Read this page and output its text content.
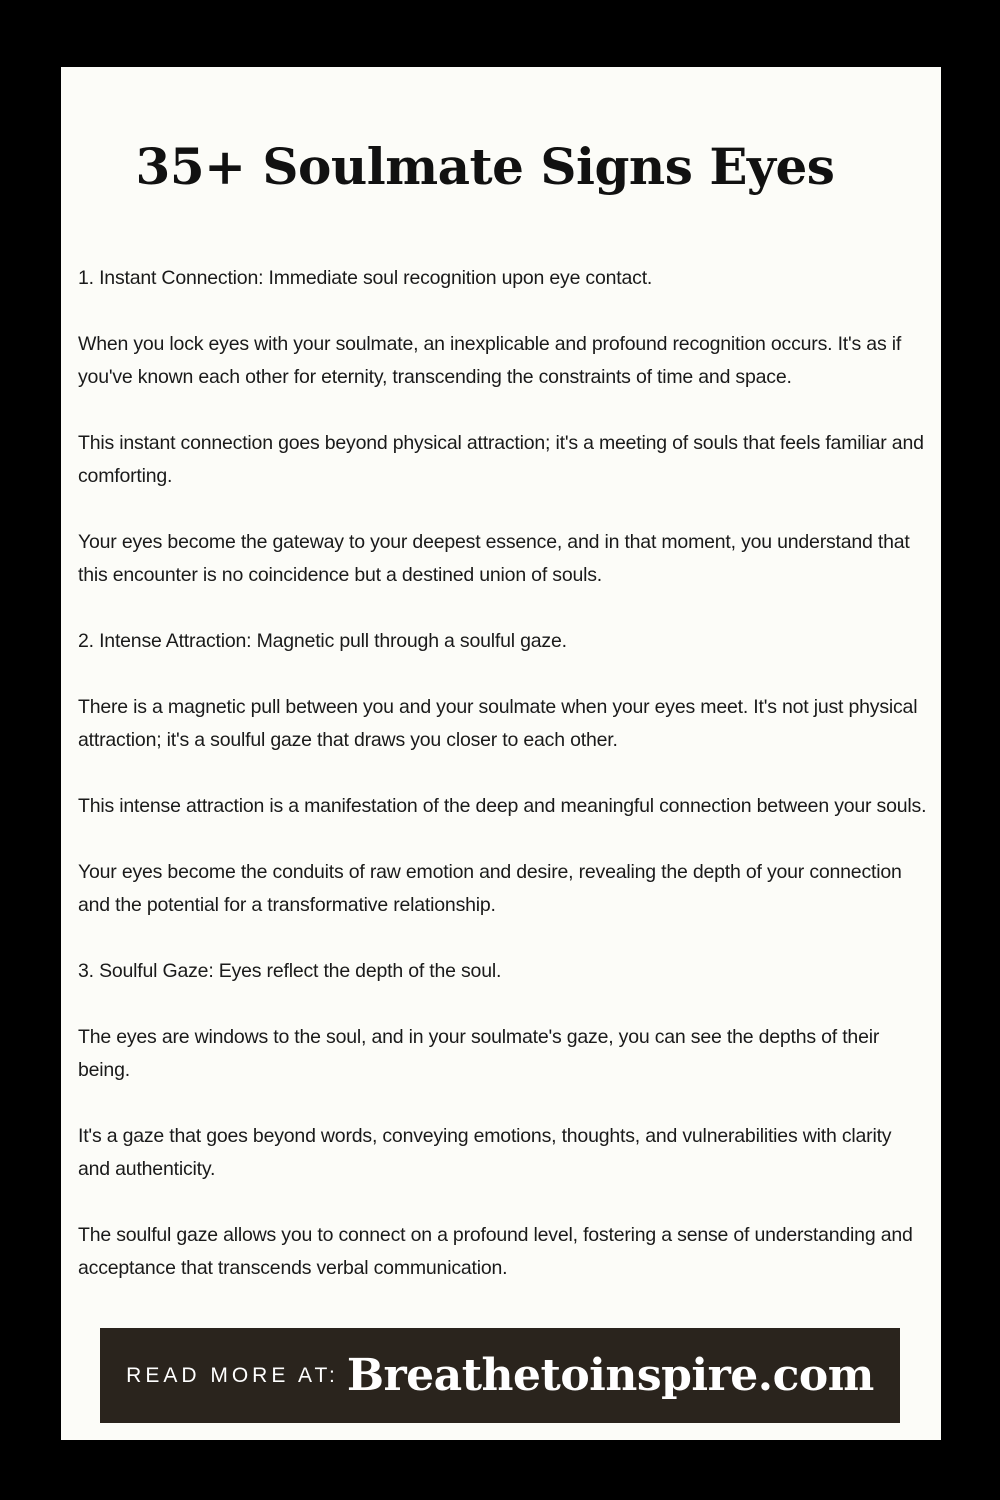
35+ Soulmate Signs Eyes

1. Instant Connection: Immediate soul recognition upon eye contact.

When you lock eyes with your soulmate, an inexplicable and profound recognition occurs. It's as if you've known each other for eternity, transcending the constraints of time and space.

This instant connection goes beyond physical attraction; it's a meeting of souls that feels familiar and comforting.

Your eyes become the gateway to your deepest essence, and in that moment, you understand that this encounter is no coincidence but a destined union of souls.

2. Intense Attraction: Magnetic pull through a soulful gaze.

There is a magnetic pull between you and your soulmate when your eyes meet. It's not just physical attraction; it's a soulful gaze that draws you closer to each other.

This intense attraction is a manifestation of the deep and meaningful connection between your souls.

Your eyes become the conduits of raw emotion and desire, revealing the depth of your connection and the potential for a transformative relationship.

3. Soulful Gaze: Eyes reflect the depth of the soul.

The eyes are windows to the soul, and in your soulmate's gaze, you can see the depths of their being.

It's a gaze that goes beyond words, conveying emotions, thoughts, and vulnerabilities with clarity and authenticity.

The soulful gaze allows you to connect on a profound level, fostering a sense of understanding and acceptance that transcends verbal communication.

READ MORE AT: Breathetoinspire.com
